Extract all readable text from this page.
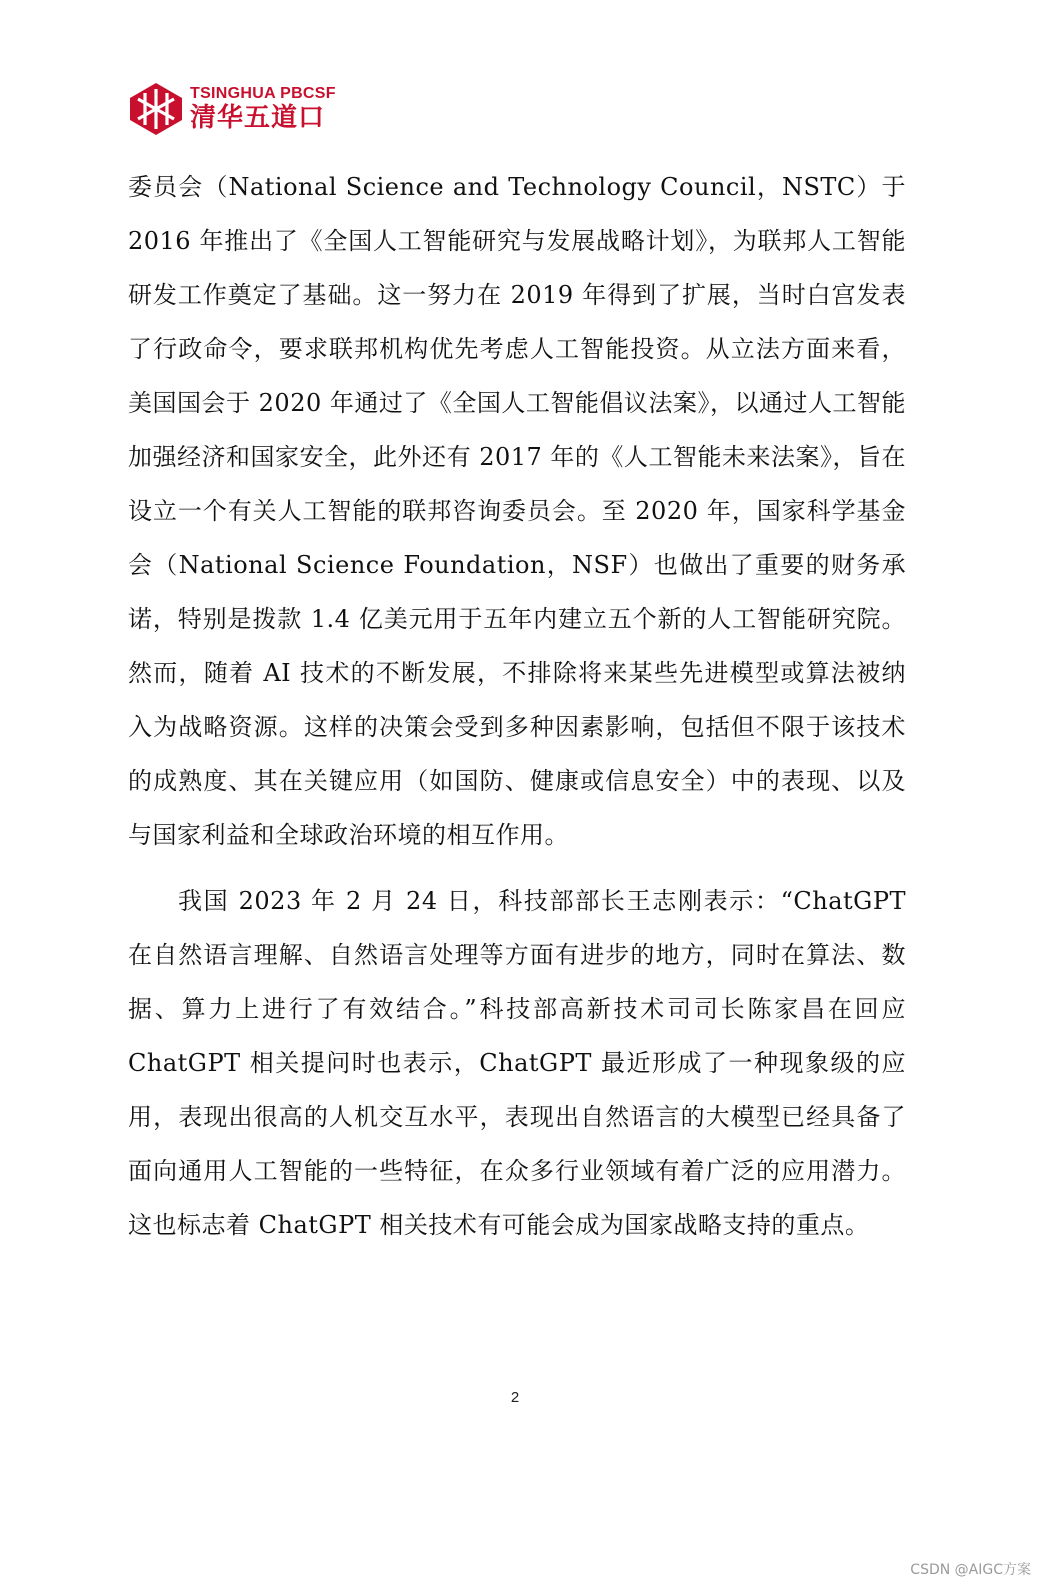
TSINGHUA PBCSF
清华五道口

委员会（National Science and Technology Council，NSTC）于 2016 年推出了《全国人工智能研究与发展战略计划》，为联邦人工智能研发工作奠定了基础。这一努力在 2019 年得到了扩展，当时白宫发表了行政命令，要求联邦机构优先考虑人工智能投资。从立法方面来看，美国国会于 2020 年通过了《全国人工智能倡议法案》，以通过人工智能加强经济和国家安全，此外还有 2017 年的《人工智能未来法案》，旨在设立一个有关人工智能的联邦咨询委员会。至 2020 年，国家科学基金会（National Science Foundation，NSF）也做出了重要的财务承诺，特别是拨款 1.4 亿美元用于五年内建立五个新的人工智能研究院。然而，随着 AI 技术的不断发展，不排除将来某些先进模型或算法被纳入为战略资源。这样的决策会受到多种因素影响，包括但不限于该技术的成熟度、其在关键应用（如国防、健康或信息安全）中的表现、以及与国家利益和全球政治环境的相互作用。

我国 2023 年 2 月 24 日，科技部部长王志刚表示：“ChatGPT 在自然语言理解、自然语言处理等方面有进步的地方，同时在算法、数据、算力上进行了有效结合。”科技部高新技术司司长陈家昌在回应 ChatGPT 相关提问时也表示，ChatGPT 最近形成了一种现象级的应用，表现出很高的人机交互水平，表现出自然语言的大模型已经具备了面向通用人工智能的一些特征，在众多行业领域有着广泛的应用潜力。这也标志着 ChatGPT 相关技术有可能会成为国家战略支持的重点。

2
CSDN @AIGC方案
